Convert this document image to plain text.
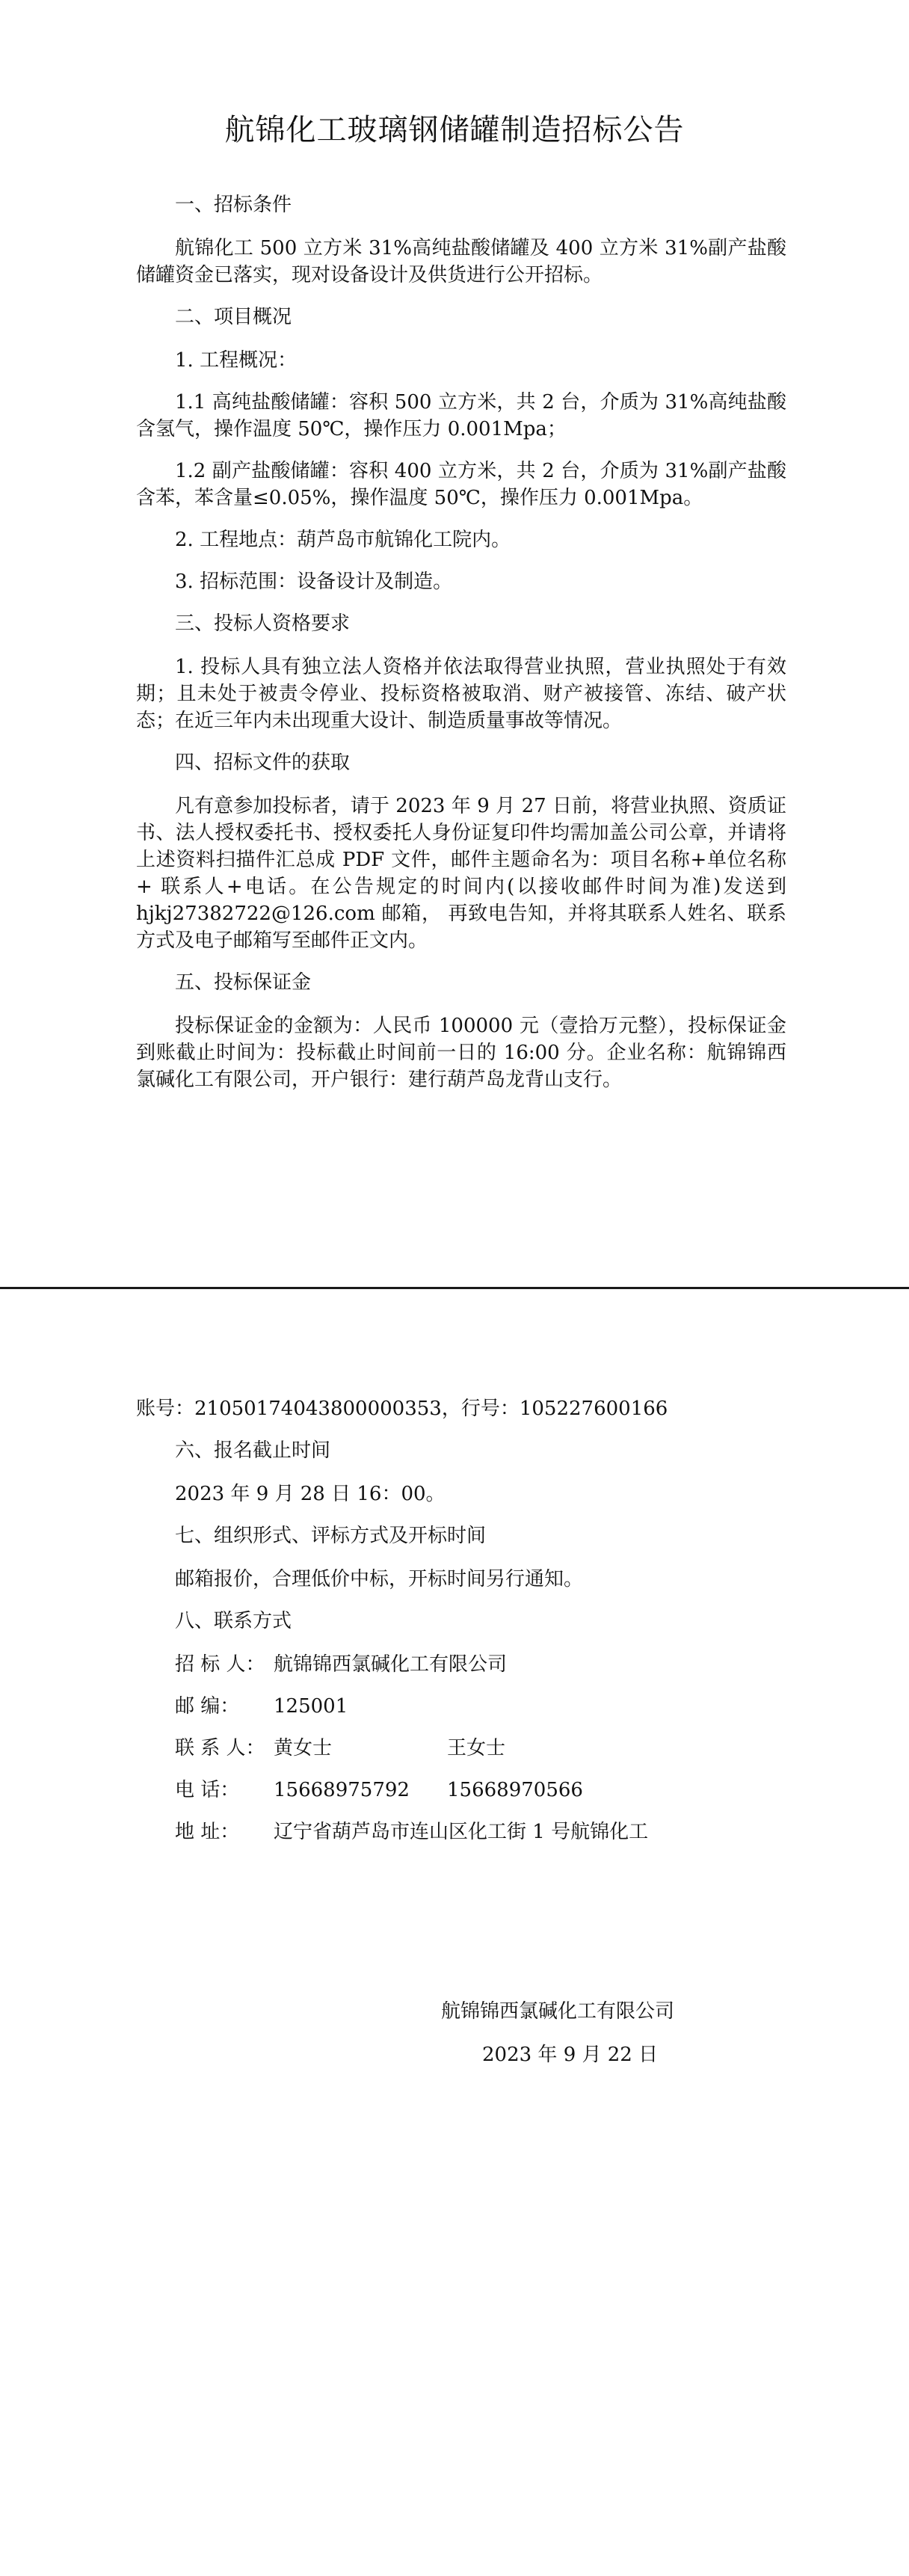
航锦化工玻璃钢储罐制造招标公告

一、招标条件

航锦化工 500 立方米 31%高纯盐酸储罐及 400 立方米 31%副产盐酸储罐资金已落实，现对设备设计及供货进行公开招标。

二、项目概况

1. 工程概况：

1.1 高纯盐酸储罐：容积 500 立方米，共 2 台，介质为 31%高纯盐酸含氢气，操作温度 50℃，操作压力 0.001Mpa；

1.2 副产盐酸储罐：容积 400 立方米，共 2 台，介质为 31%副产盐酸含苯，苯含量≤0.05%，操作温度 50℃，操作压力 0.001Mpa。

2. 工程地点：葫芦岛市航锦化工院内。

3. 招标范围：设备设计及制造。

三、投标人资格要求

1. 投标人具有独立法人资格并依法取得营业执照，营业执照处于有效期；且未处于被责令停业、投标资格被取消、财产被接管、冻结、破产状态；在近三年内未出现重大设计、制造质量事故等情况。

四、招标文件的获取

凡有意参加投标者，请于 2023 年 9 月 27 日前，将营业执照、资质证书、法人授权委托书、授权委托人身份证复印件均需加盖公司公章，并请将上述资料扫描件汇总成 PDF 文件，邮件主题命名为：项目名称+单位名称+ 联系人+电话。在公告规定的时间内(以接收邮件时间为准)发送到 hjkj27382722@126.com 邮箱， 再致电告知，并将其联系人姓名、联系方式及电子邮箱写至邮件正文内。

五、投标保证金

投标保证金的金额为：人民币 100000 元（壹拾万元整），投标保证金到账截止时间为：投标截止时间前一日的 16:00 分。企业名称：航锦锦西氯碱化工有限公司，开户银行：建行葫芦岛龙背山支行。

账号：21050174043800000353，行号：105227600166

六、报名截止时间

2023 年 9 月 28 日 16：00。

七、组织形式、评标方式及开标时间

邮箱报价，合理低价中标，开标时间另行通知。

八、联系方式

招 标 人： 航锦锦西氯碱化工有限公司
邮 编：	125001
联 系 人： 黄女士	王女士
电 话：	15668975792	15668970566
地 址：	辽宁省葫芦岛市连山区化工街 1 号航锦化工
航锦锦西氯碱化工有限公司
2023 年 9 月 22 日
